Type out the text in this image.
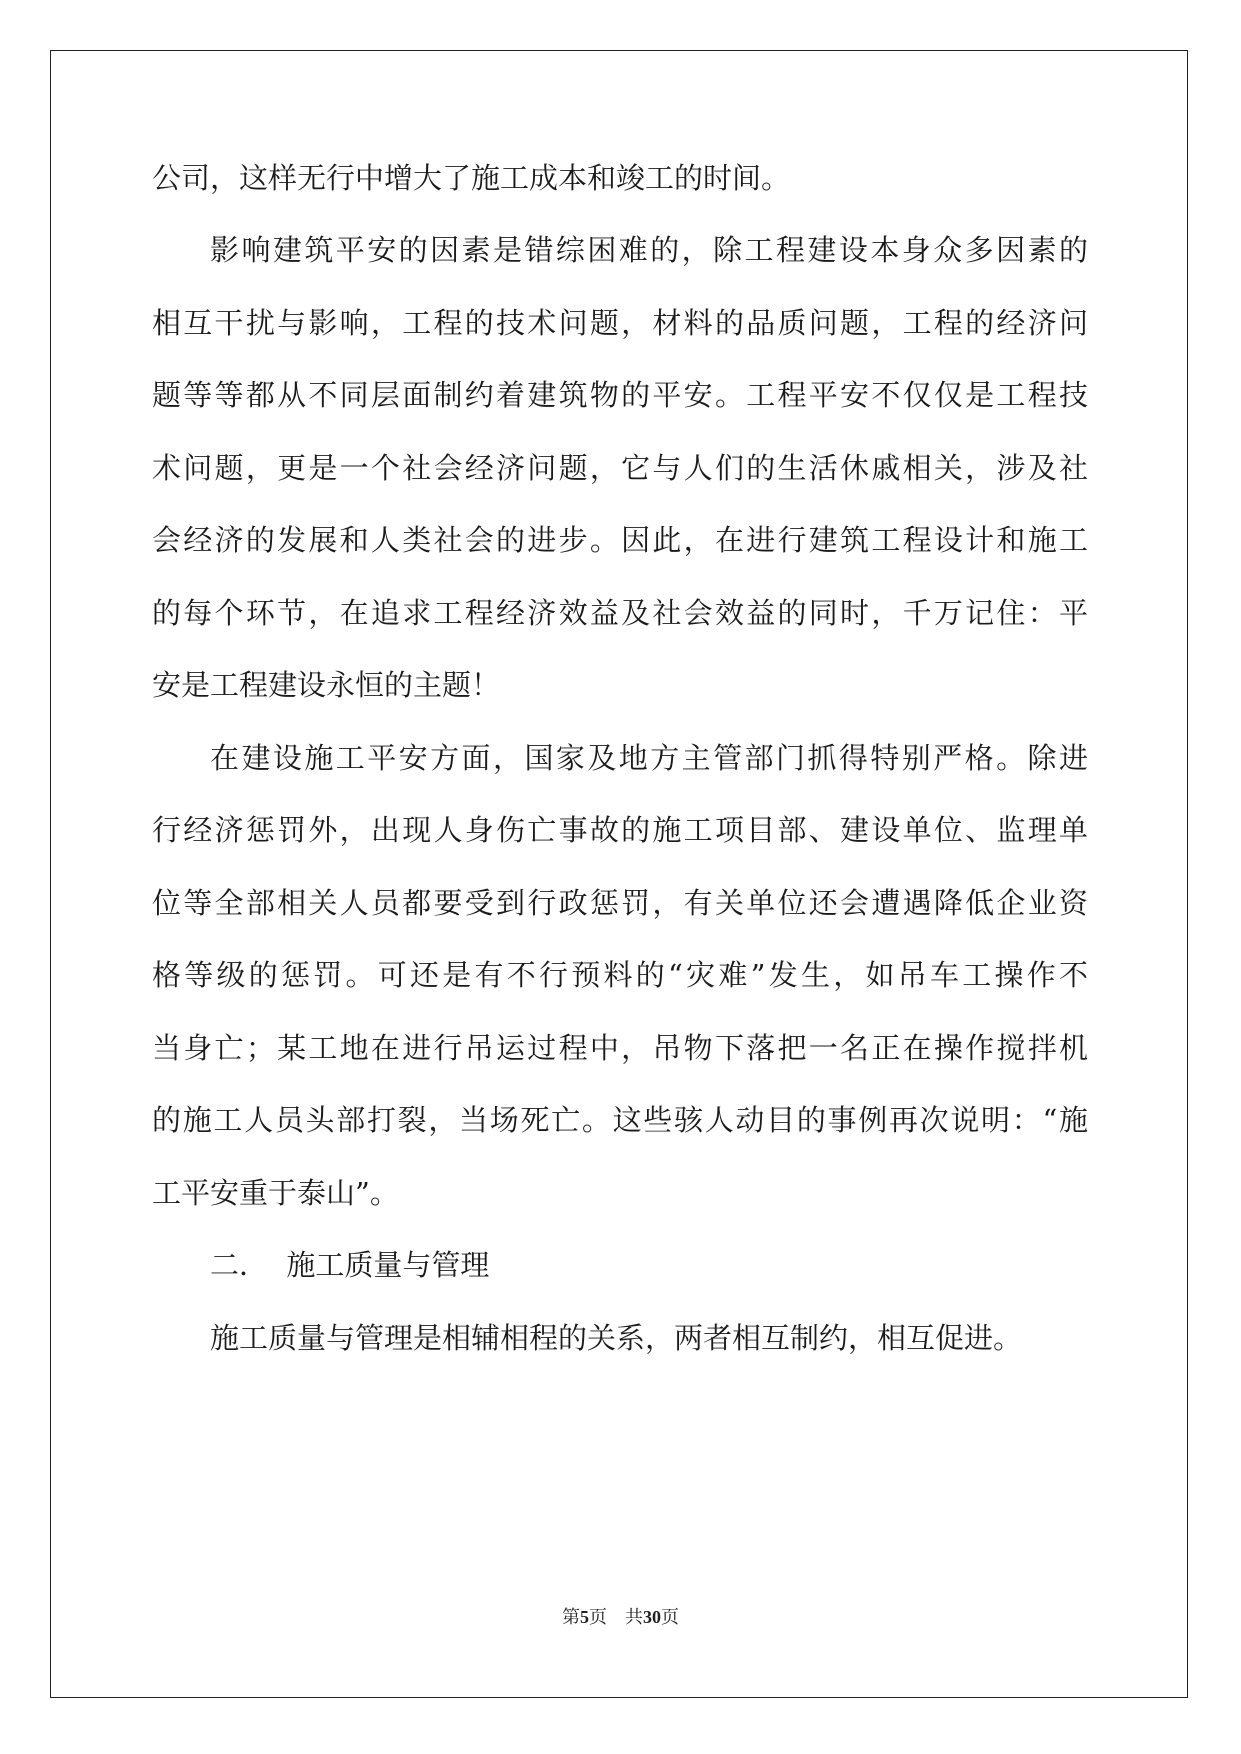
公司，这样无行中增大了施工成本和竣工的时间。
影响建筑平安的因素是错综困难的，除工程建设本身众多因素的
相互干扰与影响，工程的技术问题，材料的品质问题，工程的经济问
题等等都从不同层面制约着建筑物的平安。工程平安不仅仅是工程技
术问题，更是一个社会经济问题，它与人们的生活休戚相关，涉及社
会经济的发展和人类社会的进步。因此，在进行建筑工程设计和施工
的每个环节，在追求工程经济效益及社会效益的同时，千万记住：平
安是工程建设永恒的主题！
在建设施工平安方面，国家及地方主管部门抓得特别严格。除进
行经济惩罚外，出现人身伤亡事故的施工项目部、建设单位、监理单
位等全部相关人员都要受到行政惩罚，有关单位还会遭遇降低企业资
格等级的惩罚。可还是有不行预料的“灾难”发生，如吊车工操作不
当身亡；某工地在进行吊运过程中，吊物下落把一名正在操作搅拌机
的施工人员头部打裂，当场死亡。这些骇人动目的事例再次说明：“施
工平安重于泰山”。
二．  施工质量与管理
施工质量与管理是相辅相程的关系，两者相互制约，相互促进。
第5页　共30页
